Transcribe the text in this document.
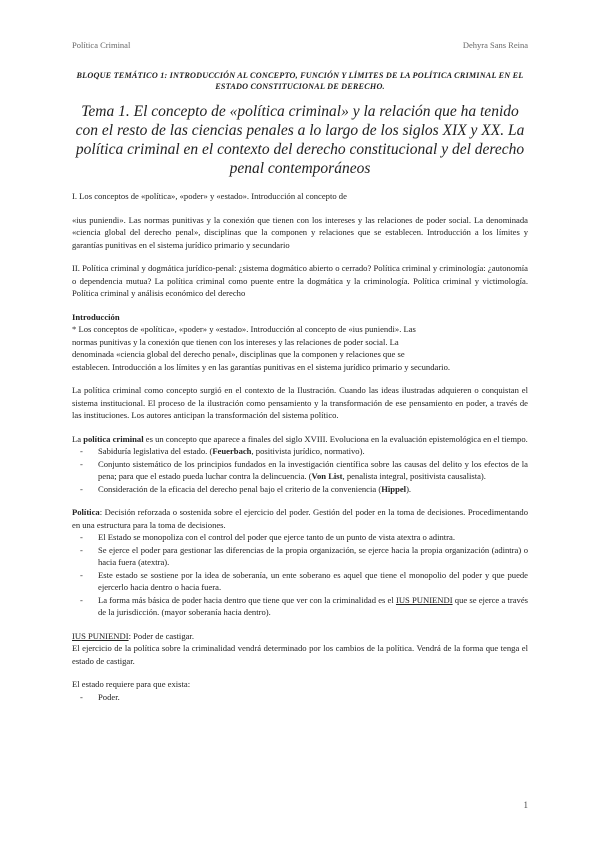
Política Criminal	Dehyra Sans Reina
BLOQUE TEMÁTICO 1: INTRODUCCIÓN AL CONCEPTO, FUNCIÓN Y LÍMITES DE LA POLÍTICA CRIMINAL EN EL ESTADO CONSTITUCIONAL DE DERECHO.
Tema 1. El concepto de «política criminal» y la relación que ha tenido con el resto de las ciencias penales a lo largo de los siglos XIX y XX. La política criminal en el contexto del derecho constitucional y del derecho penal contemporáneos

I. Los conceptos de «política», «poder» y «estado». Introducción al concepto de

«ius puniendi». Las normas punitivas y la conexión que tienen con los intereses y las relaciones de poder social. La denominada «ciencia global del derecho penal», disciplinas que la componen y relaciones que se establecen. Introducción a los límites y garantías punitivas en el sistema jurídico primario y secundario

II. Política criminal y dogmática jurídico-penal: ¿sistema dogmático abierto o cerrado? Política criminal y criminología: ¿autonomía o dependencia mutua? La política criminal como puente entre la dogmática y la criminología. Política criminal y victimología. Política criminal y análisis económico del derecho

Introducción

* Los conceptos de «política», «poder» y «estado». Introducción al concepto de «ius puniendi». Las

normas punitivas y la conexión que tienen con los intereses y las relaciones de poder social. La

denominada «ciencia global del derecho penal», disciplinas que la componen y relaciones que se

establecen. Introducción a los límites y en las garantías punitivas en el sistema jurídico primario y secundario.

La política criminal como concepto surgió en el contexto de la Ilustración. Cuando las ideas ilustradas adquieren o conquistan el sistema institucional. El proceso de la ilustración como pensamiento y la transformación de ese pensamiento en poder, a través de las instituciones. Los autores anticipan la transformación del sistema político.

La política criminal es un concepto que aparece a finales del siglo XVIII. Evoluciona en la evaluación epistemológica en el tiempo.

- Sabiduría legislativa del estado. (Feuerbach, positivista jurídico, normativo).
- Conjunto sistemático de los principios fundados en la investigación científica sobre las causas del delito y los efectos de la pena; para que el estado pueda luchar contra la delincuencia. (Von List, penalista integral, positivista causalista).
- Consideración de la eficacia del derecho penal bajo el criterio de la conveniencia (Hippel).

Política: Decisión reforzada o sostenida sobre el ejercicio del poder. Gestión del poder en la toma de decisiones. Procedimentando en una estructura para la toma de decisiones.

- El Estado se monopoliza con el control del poder que ejerce tanto de un punto de vista atextra o adintra.
- Se ejerce el poder para gestionar las diferencias de la propia organización, se ejerce hacia la propia organización (adintra) o hacia fuera (atextra).
- Este estado se sostiene por la idea de soberanía, un ente soberano es aquel que tiene el monopolio del poder y que puede ejercerlo hacia dentro o hacia fuera.
- La forma más básica de poder hacia dentro que tiene que ver con la criminalidad es el IUS PUNIENDI que se ejerce a través de la jurisdicción. (mayor soberanía hacia dentro).

IUS PUNIENDI: Poder de castigar.

El ejercicio de la política sobre la criminalidad vendrá determinado por los cambios de la política. Vendrá de la forma que tenga el estado de castigar.

El estado requiere para que exista:

- Poder.
1
